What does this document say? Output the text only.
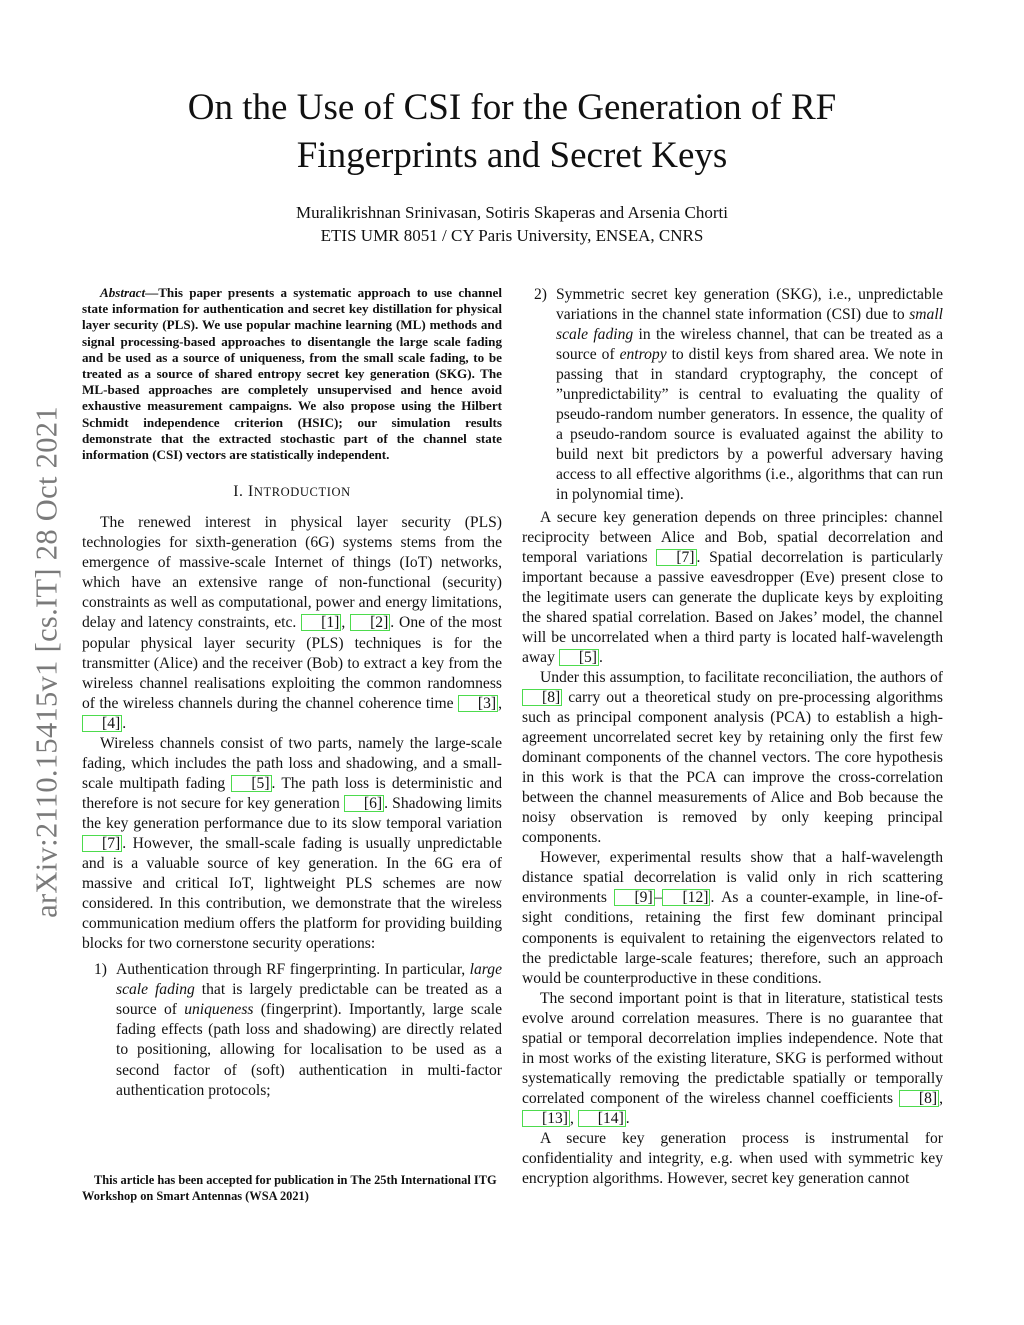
arXiv:2110.15415v1 [cs.IT] 28 Oct 2021
On the Use of CSI for the Generation of RF
Fingerprints and Secret Keys
Muralikrishnan Srinivasan, Sotiris Skaperas and Arsenia Chorti
ETIS UMR 8051 / CY Paris University, ENSEA, CNRS

Abstract—This paper presents a systematic approach to use channel state information for authentication and secret key distillation for physical layer security (PLS). We use popular machine learning (ML) methods and signal processing-based approaches to disentangle the large scale fading and be used as a source of uniqueness, from the small scale fading, to be treated as a source of shared entropy secret key generation (SKG). The ML-based approaches are completely unsupervised and hence avoid exhaustive measurement campaigns. We also propose using the Hilbert Schmidt independence criterion (HSIC); our simulation results demonstrate that the extracted stochastic part of the channel state information (CSI) vectors are statistically independent.

I. INTRODUCTION

The renewed interest in physical layer security (PLS) technologies for sixth-generation (6G) systems stems from the emergence of massive-scale Internet of things (IoT) networks, which have an extensive range of non-functional (security) constraints as well as computational, power and energy limitations, delay and latency constraints, etc. [1] , [2] . One of the most popular physical layer security (PLS) techniques is for the transmitter (Alice) and the receiver (Bob) to extract a key from the wireless channel realisations exploiting the common randomness of the wireless channels during the channel coherence time [3] , [4] .

Wireless channels consist of two parts, namely the large-scale fading, which includes the path loss and shadowing, and a small-scale multipath fading [5] . The path loss is deterministic and therefore is not secure for key generation [6] . Shadowing limits the key generation performance due to its slow temporal variation [7] . However, the small-scale fading is usually unpredictable and is a valuable source of key generation. In the 6G era of massive and critical IoT, lightweight PLS schemes are now considered. In this contribution, we demonstrate that the wireless communication medium offers the platform for providing building blocks for two cornerstone security operations:

1) Authentication through RF fingerprinting. In particular, large scale fading that is largely predictable can be treated as a source of uniqueness (fingerprint). Importantly, large scale fading effects (path loss and shadowing) are directly related to positioning, allowing for localisation to be used as a second factor of (soft) authentication in multi-factor authentication protocols;

This article has been accepted for publication in The 25th International ITG Workshop on Smart Antennas (WSA 2021)
2) Symmetric secret key generation (SKG), i.e., unpredictable variations in the channel state information (CSI) due to small scale fading in the wireless channel, that can be treated as a source of entropy to distil keys from shared area. We note in passing that in standard cryptography, the concept of ”unpredictability” is central to evaluating the quality of pseudo-random number generators. In essence, the quality of a pseudo-random source is evaluated against the ability to build next bit predictors by a powerful adversary having access to all effective algorithms (i.e., algorithms that can run in polynomial time).

A secure key generation depends on three principles: channel reciprocity between Alice and Bob, spatial decorrelation and temporal variations [7] . Spatial decorrelation is particularly important because a passive eavesdropper (Eve) present close to the legitimate users can generate the duplicate keys by exploiting the shared spatial correlation. Based on Jakes’ model, the channel will be uncorrelated when a third party is located half-wavelength away [5] .

Under this assumption, to facilitate reconciliation, the authors of [8] carry out a theoretical study on pre-processing algorithms such as principal component analysis (PCA) to establish a high-agreement uncorrelated secret key by retaining only the first few dominant components of the channel vectors. The core hypothesis in this work is that the PCA can improve the cross-correlation between the channel measurements of Alice and Bob because the noisy observation is removed by only keeping principal components.

However, experimental results show that a half-wavelength distance spatial decorrelation is valid only in rich scattering environments [9] – [12] . As a counter-example, in line-of-sight conditions, retaining the first few dominant principal components is equivalent to retaining the eigenvectors related to the predictable large-scale features; therefore, such an approach would be counterproductive in these conditions.

The second important point is that in literature, statistical tests evolve around correlation measures. There is no guarantee that spatial or temporal decorrelation implies independence. Note that in most works of the existing literature, SKG is performed without systematically removing the predictable spatially or temporally correlated component of the wireless channel coefficients [8] , [13] , [14] .

A secure key generation process is instrumental for confidentiality and integrity, e.g. when used with symmetric key encryption algorithms. However, secret key generation cannot
